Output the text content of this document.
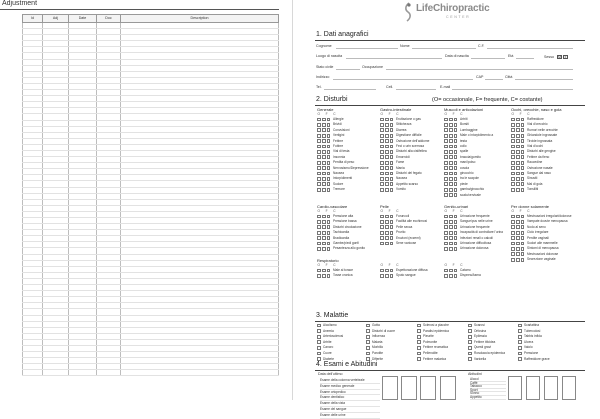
Adjustment
Id	Adj	Date	Doc	Description

LifeChiropractic
CENTER
1. Dati anagrafici
Cognome	Nome	C.F.
Luogo di nascita	Data di nascita	Età	Sesso	M	F
Stato civile	Occupazione
Indirizzo	CAP	Città
Tel.	Cell.	E-mail
2. Disturbi	(O= occasionale, F= frequente, C= costante)
Generale
O F C
Allergie
Brividi
Convulsioni
Vertigini
Febbre
Fobbre
Vial di testa
Insonnia
Perdita di peso
Nervosismo/Depressione
Nausea
Intorpidimenti
Sudore
Tremore
Gastro-intestinale
O F C
Eruttazione o gas
Stitichezza
Diarrea
Digestione difficile
Ostruzione dell'addome
Feci o urin scerrosa
Disturbi alla cistifellea
Emorroidi
Fame
Mania
Disturbi del fegato
Nausea
Appetito scarso
Vomito
Muscoli e articolazioni
O F C
Artriti
Borsiti
Lombaggine
Male o intorpidimento a
testa
collo
spalle
braccia/gomito
mani/polso
coscia
ginocchio
tra le scapole
piede
gamba/ginocchio
scalo/cervicale
Occhi, orecchie, naso e gola
O F C
Raffreddore
Vial d'orecchio
Rumori nelle orecchie
Ghiandole ingrossate
Tiroide ingrossata
Vial d'occhi
Disturbi alle gengive
Febbre da fieno
Raucedine
Ostruzione nasale
Sangue dal naso
Sinusiti
Mal di gola
Tonsilliti
Cardio-vascolare
O F C
Pressione alta
Pressione bassa
Disturbi circolazione
Tachicardia
Bradicardia
Gambe/piedi gonfi
Pesantezza allo gonito
Pelle
O F C
Foruncoli
Facilità alle ecchimosi
Pelle secca
Prurito
Eruzioni (eczemi)
Sene varicose
Genito-urinari
O F C
Urinazione frequente
Sangue/pus nelle urine
Urinazione frequente
Incapacità di controllare l'urina
Infezioni renali o calcoli
Urinazione difficoltosa
Urinazione dolorosa
Per donne solamente
O F C
Mestruazioni irregolari/dolorose
Vampate dovute menopausa
Nodo al seno
Ciclo irregolare
Perdite vaginali
Sudori alle mammelle
Sintomi di menopausa
Mestruazioni dolorose
Secrezione vaginale
Respiratorio
O F C
Male al torace
Tosse cronica
O F C
Espettorazione diffusa
Sputo sangue
O F C
Catarro
Dispnea/Asma
3. Malattie
Alcolismo
Anemia
Arteriosclerosi
Artrite
Cancro
Cuore
Diabete
Gotta
Disturbi di cuore
Influenza
Malaria
Morbillo
Parotite
Difterite
Sclerosi a placche
Paralisi epidemica
Pleurite
Polmonite
Febbre reumatica
Pellenolite
Febbre malarica
Scarosi
Orfosina
Epilessia
Febbre tifoidea
Questi gravi
Rosolaccia epidemica
Varicella
Scarlattina
Tubercolosi
Tabbis infida
Ulcera
Vaiolo
Pressione
Raffreddore grave
4. Esami e Abitudini
Data dell'ultimo	Abitudini
Esame della colonna vertebrale
Esame medico generale
Esame ortopedico
Esame dentistico
Esame della vista
Esame del sangue
Esame delle urine
Alcool
Caffè
Tabacco
Sport
Sonno
Appetito
